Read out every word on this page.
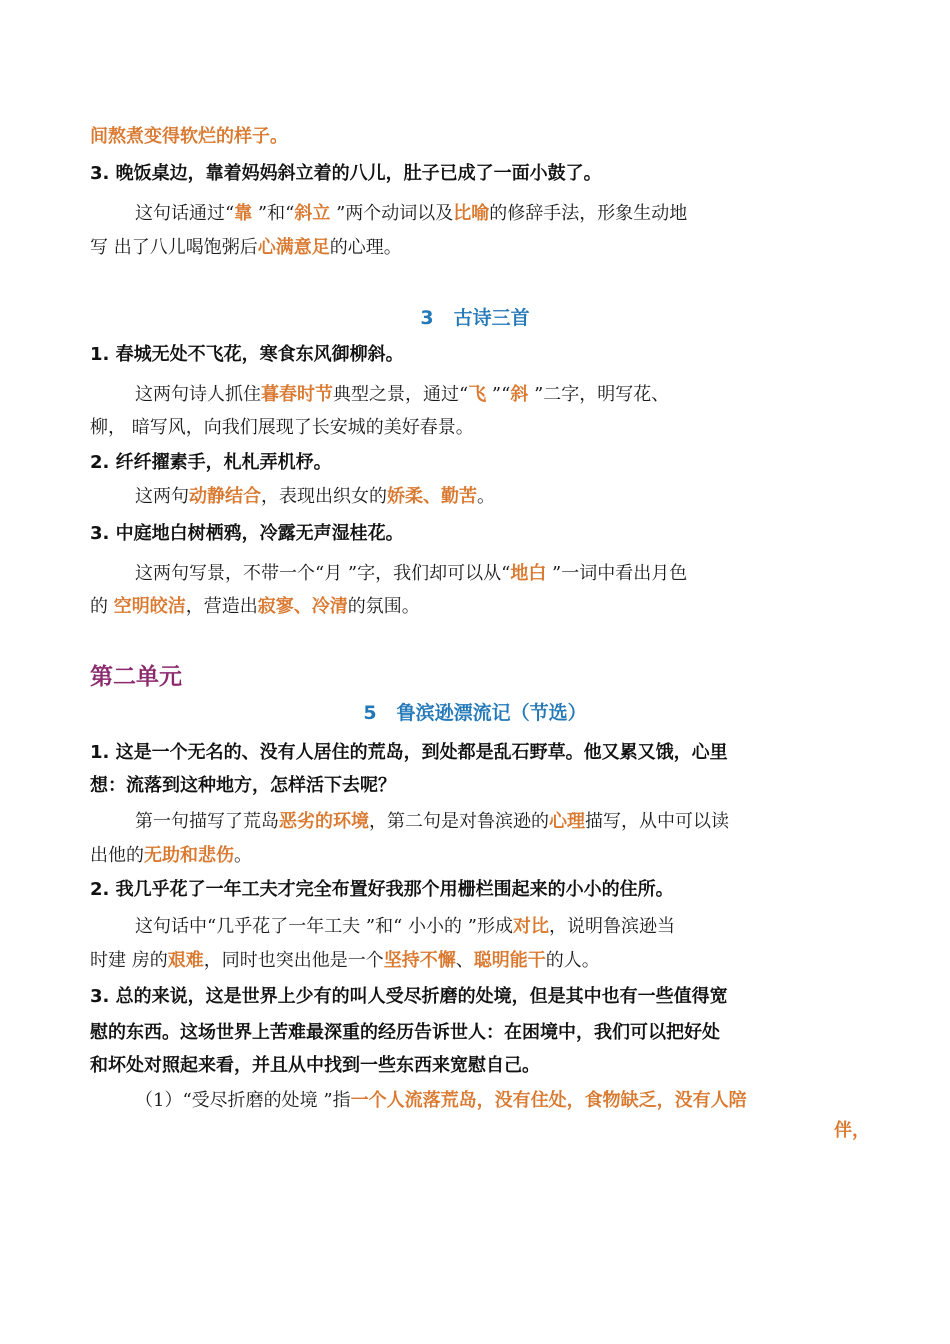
间熬煮变得软烂的样子。
3. 晚饭桌边，靠着妈妈斜立着的八儿，肚子已成了一面小鼓了。
这句话通过“靠 ”和“斜立 ”两个动词以及比喻的修辞手法，形象生动地
写 出了八儿喝饱粥后心满意足的心理。
3 古诗三首
1. 春城无处不飞花，寒食东风御柳斜。
这两句诗人抓住暮春时节典型之景，通过“飞 ”“斜 ”二字，明写花、
柳， 暗写风，向我们展现了长安城的美好春景。
2. 纤纤擢素手，札札弄机杼。
这两句动静结合，表现出织女的娇柔、勤苦。
3. 中庭地白树栖鸦，冷露无声湿桂花。
这两句写景，不带一个“月 ”字，我们却可以从“地白 ”一词中看出月色
的 空明皎洁，营造出寂寥、冷清的氛围。
第二单元
5 鲁滨逊漂流记（节选）
1. 这是一个无名的、没有人居住的荒岛，到处都是乱石野草。他又累又饿，心里
想：流落到这种地方，怎样活下去呢？
第一句描写了荒岛恶劣的环境，第二句是对鲁滨逊的心理描写，从中可以读
出他的无助和悲伤。
2. 我几乎花了一年工夫才完全布置好我那个用栅栏围起来的小小的住所。
这句话中“几乎花了一年工夫 ”和“ 小小的 ”形成对比，说明鲁滨逊当
时建 房的艰难，同时也突出他是一个坚持不懈、聪明能干的人。
3. 总的来说，这是世界上少有的叫人受尽折磨的处境，但是其中也有一些值得宽
慰的东西。这场世界上苦难最深重的经历告诉世人：在困境中，我们可以把好处
和坏处对照起来看，并且从中找到一些东西来宽慰自己。
（1）“受尽折磨的处境 ”指一个人流落荒岛，没有住处，食物缺乏，没有人陪
伴，
